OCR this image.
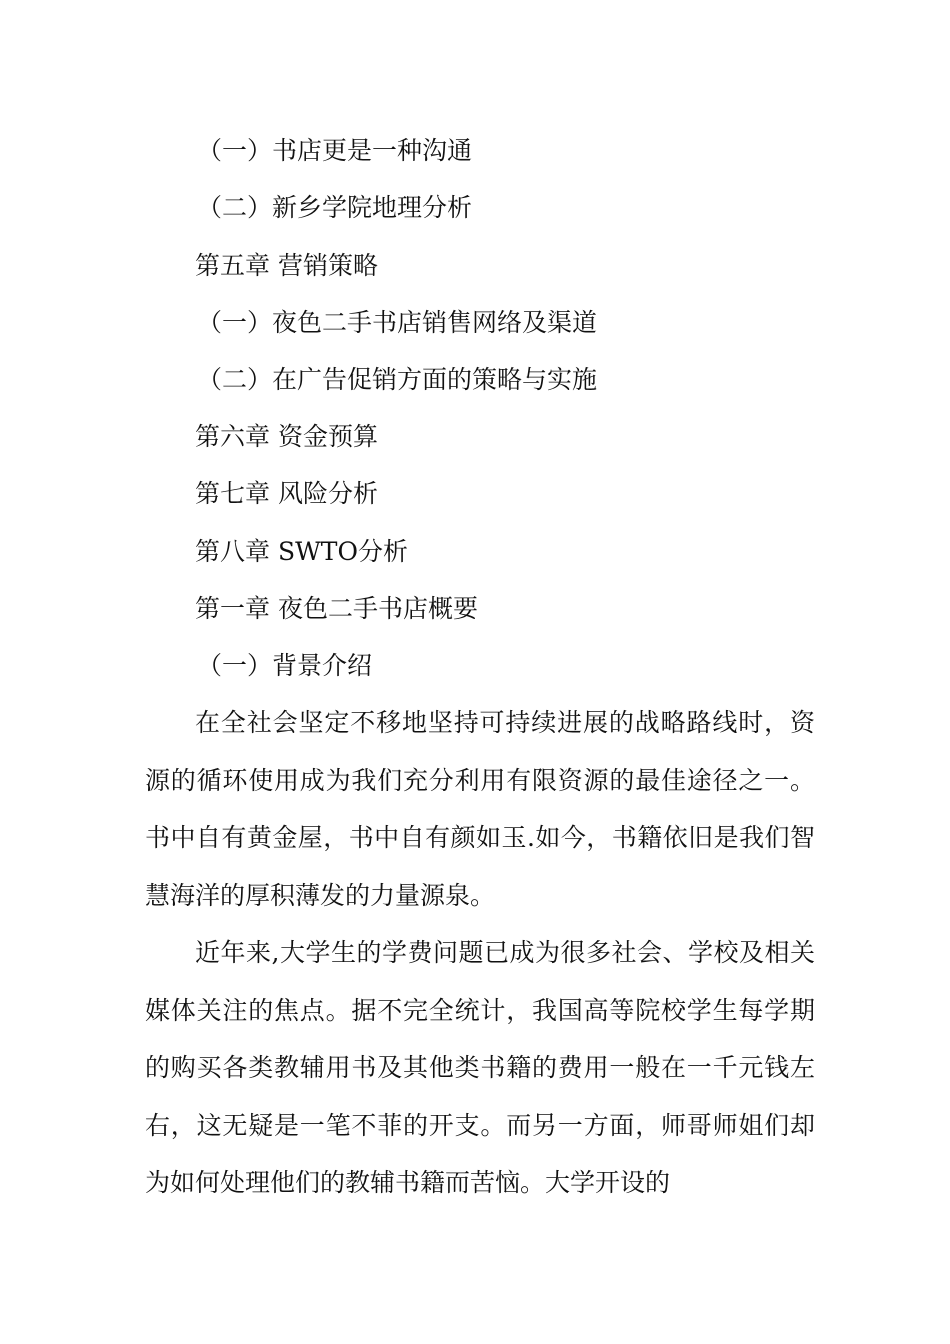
（一）书店更是一种沟通
（二）新乡学院地理分析
第五章 营销策略
（一）夜色二手书店销售网络及渠道
（二）在广告促销方面的策略与实施
第六章 资金预算
第七章 风险分析
第八章 SWTO分析
第一章 夜色二手书店概要
（一）背景介绍

在全社会坚定不移地坚持可持续进展的战略路线时，资源的循环使用成为我们充分利用有限资源的最佳途径之一。书中自有黄金屋，书中自有颜如玉.如今，书籍依旧是我们智慧海洋的厚积薄发的力量源泉。

近年来,大学生的学费问题已成为很多社会、学校及相关媒体关注的焦点。据不完全统计，我国高等院校学生每学期的购买各类教辅用书及其他类书籍的费用一般在一千元钱左右，这无疑是一笔不菲的开支。而另一方面，师哥师姐们却为如何处理他们的教辅书籍而苦恼。大学开设的
